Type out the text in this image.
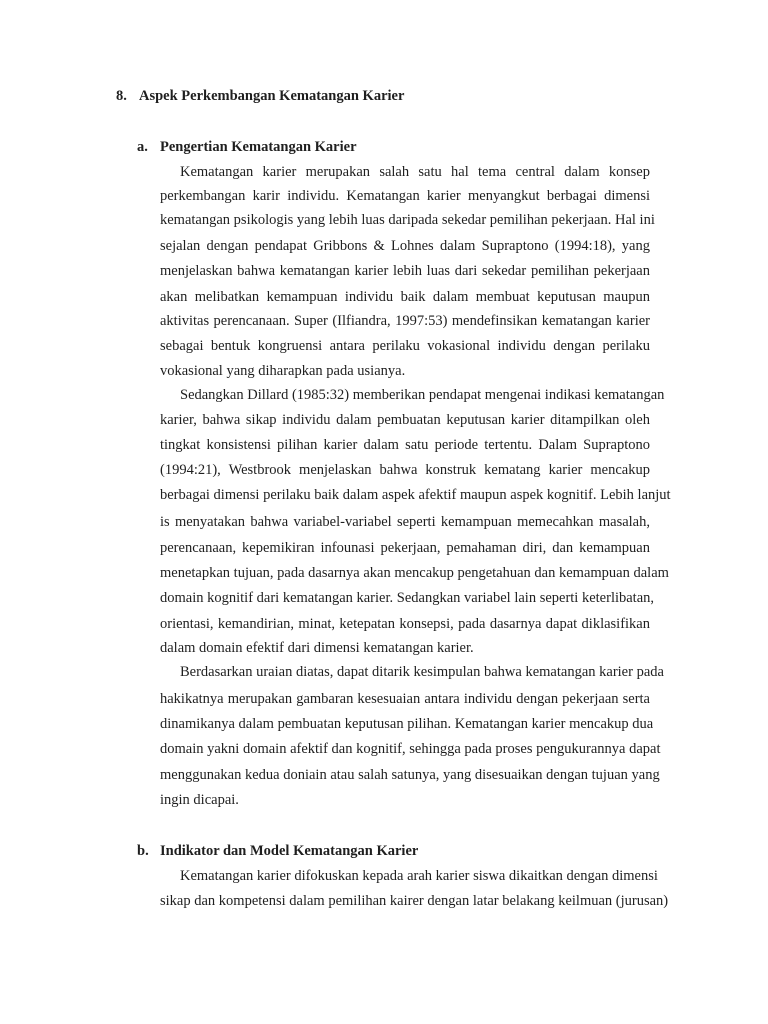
8. Aspek Perkembangan Kematangan Karier
a. Pengertian Kematangan Karier
Kematangan karier merupakan salah satu hal tema central dalam konsep
perkembangan karir individu. Kematangan karier menyangkut berbagai dimensi
kematangan psikologis yang lebih luas daripada sekedar pemilihan pekerjaan. Hal ini
sejalan dengan pendapat Gribbons & Lohnes dalam Supraptono (1994:18), yang
menjelaskan bahwa kematangan karier lebih luas dari sekedar pemilihan pekerjaan
akan melibatkan kemampuan individu baik dalam membuat keputusan maupun
aktivitas perencanaan. Super (Ilfiandra, 1997:53) mendefinsikan kematangan karier
sebagai bentuk kongruensi antara perilaku vokasional individu dengan perilaku
vokasional yang diharapkan pada usianya.
Sedangkan Dillard (1985:32) memberikan pendapat mengenai indikasi kematangan
karier, bahwa sikap individu dalam pembuatan keputusan karier ditampilkan oleh
tingkat konsistensi pilihan karier dalam satu periode tertentu. Dalam Supraptono
(1994:21), Westbrook menjelaskan bahwa konstruk kematang karier mencakup
berbagai dimensi perilaku baik dalam aspek afektif maupun aspek kognitif. Lebih lanjut
is menyatakan bahwa variabel-variabel seperti kemampuan memecahkan masalah,
perencanaan, kepemikiran infounasi pekerjaan, pemahaman diri, dan kemampuan
menetapkan tujuan, pada dasarnya akan mencakup pengetahuan dan kemampuan dalam
domain kognitif dari kematangan karier. Sedangkan variabel lain seperti keterlibatan,
orientasi, kemandirian, minat, ketepatan konsepsi, pada dasarnya dapat diklasifikan
dalam domain efektif dari dimensi kematangan karier.
Berdasarkan uraian diatas, dapat ditarik kesimpulan bahwa kematangan karier pada
hakikatnya merupakan gambaran kesesuaian antara individu dengan pekerjaan serta
dinamikanya dalam pembuatan keputusan pilihan. Kematangan karier mencakup dua
domain yakni domain afektif dan kognitif, sehingga pada proses pengukurannya dapat
menggunakan kedua doniain atau salah satunya, yang disesuaikan dengan tujuan yang
ingin dicapai.
b. Indikator dan Model Kematangan Karier
Kematangan karier difokuskan kepada arah karier siswa dikaitkan dengan dimensi
sikap dan kompetensi dalam pemilihan kairer dengan latar belakang keilmuan (jurusan)
